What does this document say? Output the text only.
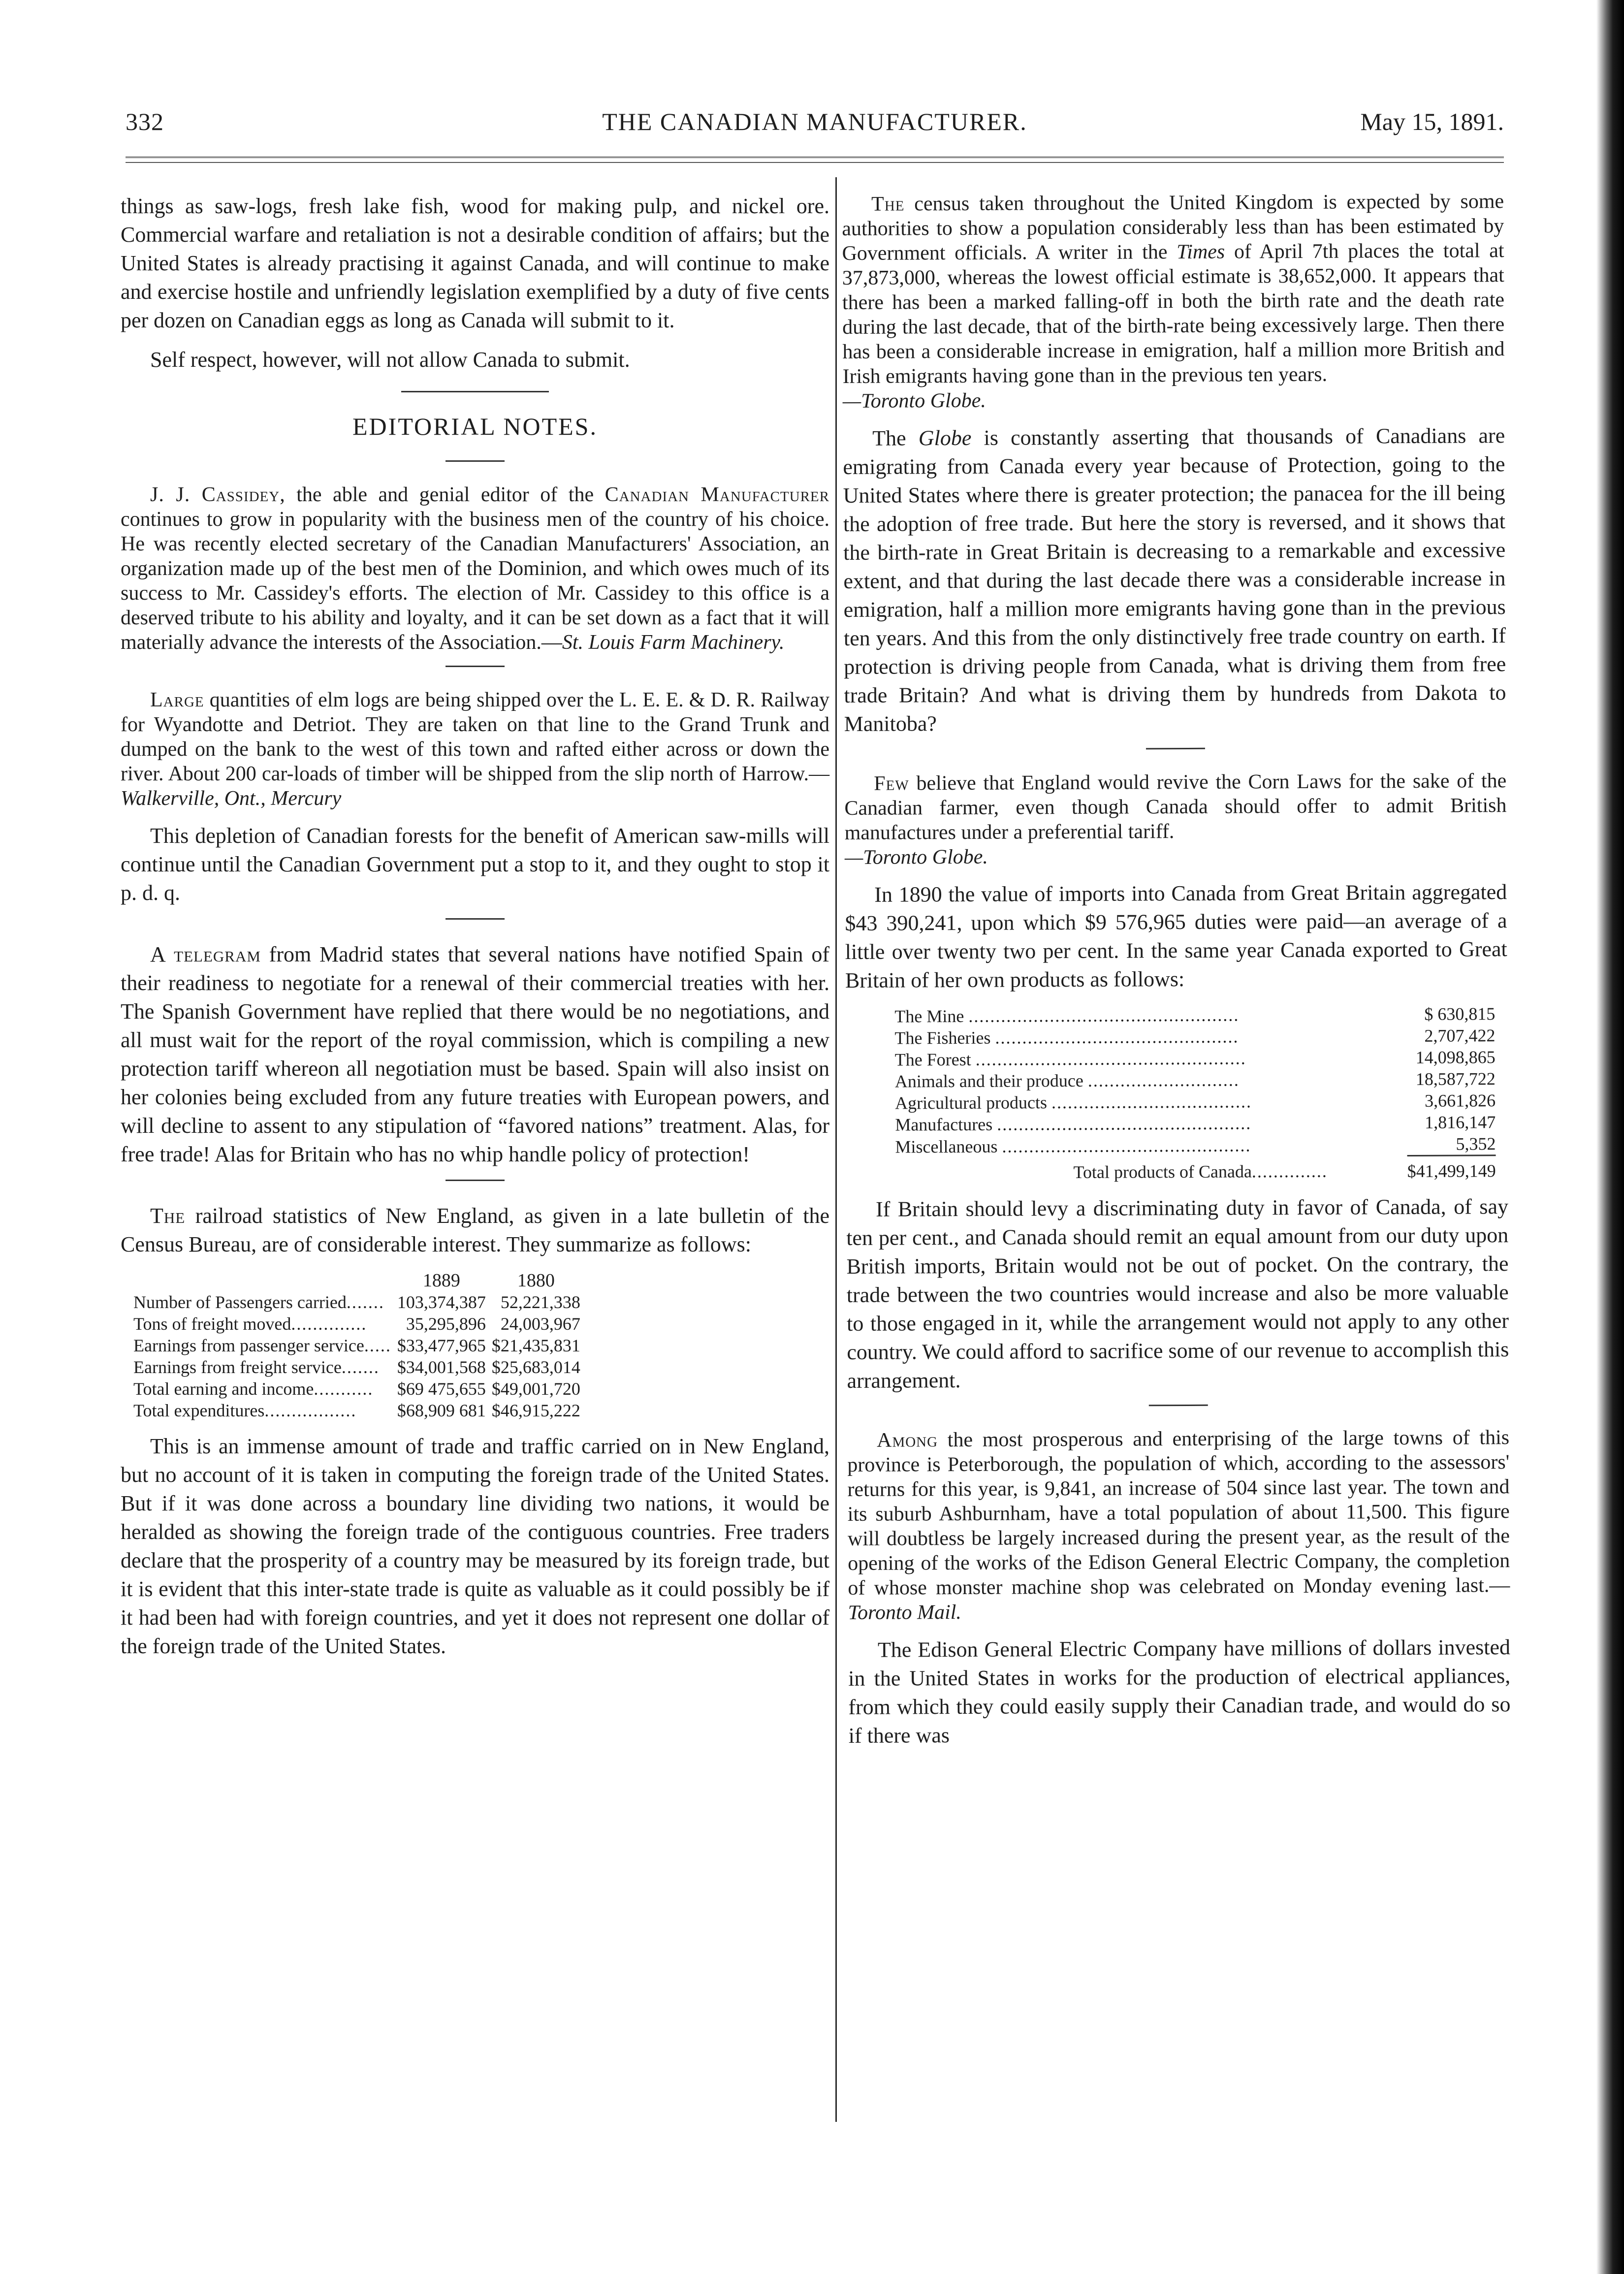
332	THE CANADIAN MANUFACTURER.	May 15, 1891.

things as saw-logs, fresh lake fish, wood for making pulp, and nickel ore. Commercial warfare and retaliation is not a desirable condition of affairs; but the United States is already practising it against Canada, and will continue to make and exercise hostile and unfriendly legislation exemplified by a duty of five cents per dozen on Canadian eggs as long as Canada will submit to it.

Self respect, however, will not allow Canada to submit.

EDITORIAL NOTES.

J. J. Cassidey, the able and genial editor of the Canadian Manufacturer continues to grow in popularity with the business men of the country of his choice. He was recently elected secretary of the Canadian Manufacturers' Association, an organization made up of the best men of the Dominion, and which owes much of its success to Mr. Cassidey's efforts. The election of Mr. Cassidey to this office is a deserved tribute to his ability and loyalty, and it can be set down as a fact that it will materially advance the interests of the Association.—St. Louis Farm Machinery.

Large quantities of elm logs are being shipped over the L. E. E. & D. R. Railway for Wyandotte and Detriot. They are taken on that line to the Grand Trunk and dumped on the bank to the west of this town and rafted either across or down the river. About 200 car-loads of timber will be shipped from the slip north of Harrow.—Walkerville, Ont., Mercury

This depletion of Canadian forests for the benefit of American saw-mills will continue until the Canadian Government put a stop to it, and they ought to stop it p. d. q.

A telegram from Madrid states that several nations have notified Spain of their readiness to negotiate for a renewal of their commercial treaties with her. The Spanish Government have replied that there would be no negotiations, and all must wait for the report of the royal commission, which is compiling a new protection tariff whereon all negotiation must be based. Spain will also insist on her colonies being excluded from any future treaties with European powers, and will decline to assent to any stipulation of “favored nations” treatment. Alas, for free trade! Alas for Britain who has no whip handle policy of protection!

The railroad statistics of New England, as given in a late bulletin of the Census Bureau, are of considerable interest. They summarize as follows:

	1889	1880
Number of Passengers carried.......	103,374,387	52,221,338
Tons of freight moved..............	35,295,896	24,003,967
Earnings from passenger service.....	$33,477,965	$21,435,831
Earnings from freight service.......	$34,001,568	$25,683,014
Total earning and income...........	$69 475,655	$49,001,720
Total expenditures.................	$68,909 681	$46,915,222

This is an immense amount of trade and traffic carried on in New England, but no account of it is taken in computing the foreign trade of the United States. But if it was done across a boundary line dividing two nations, it would be heralded as showing the foreign trade of the contiguous countries. Free traders declare that the prosperity of a country may be measured by its foreign trade, but it is evident that this inter-state trade is quite as valuable as it could possibly be if it had been had with foreign countries, and yet it does not represent one dollar of the foreign trade of the United States.

The census taken throughout the United Kingdom is expected by some authorities to show a population considerably less than has been estimated by Government officials. A writer in the Times of April 7th places the total at 37,873,000, whereas the lowest official estimate is 38,652,000. It appears that there has been a marked falling-off in both the birth rate and the death rate during the last decade, that of the birth-rate being excessively large. Then there has been a considerable increase in emigration, half a million more British and Irish emigrants having gone than in the previous ten years.
—Toronto Globe.

The Globe is constantly asserting that thousands of Canadians are emigrating from Canada every year because of Protection, going to the United States where there is greater protection; the panacea for the ill being the adoption of free trade. But here the story is reversed, and it shows that the birth-rate in Great Britain is decreasing to a remarkable and excessive extent, and that during the last decade there was a considerable increase in emigration, half a million more emigrants having gone than in the previous ten years. And this from the only distinctively free trade country on earth. If protection is driving people from Canada, what is driving them from free trade Britain? And what is driving them by hundreds from Dakota to Manitoba?

Few believe that England would revive the Corn Laws for the sake of the Canadian farmer, even though Canada should offer to admit British manufactures under a preferential tariff.
—Toronto Globe.

In 1890 the value of imports into Canada from Great Britain aggregated $43 390,241, upon which $9 576,965 duties were paid—an average of a little over twenty two per cent. In the same year Canada exported to Great Britain of her own products as follows:

The Mine ..................................................	$ 630,815
The Fisheries .............................................	2,707,422
The Forest ..................................................	14,098,865
Animals and their produce ............................	18,587,722
Agricultural products .....................................	3,661,826
Manufactures ...............................................	1,816,147
Miscellaneous ..............................................	5,352
Total products of Canada..............	$41,499,149

If Britain should levy a discriminating duty in favor of Canada, of say ten per cent., and Canada should remit an equal amount from our duty upon British imports, Britain would not be out of pocket. On the contrary, the trade between the two countries would increase and also be more valuable to those engaged in it, while the arrangement would not apply to any other country. We could afford to sacrifice some of our revenue to accomplish this arrangement.

Among the most prosperous and enterprising of the large towns of this province is Peterborough, the population of which, according to the assessors' returns for this year, is 9,841, an increase of 504 since last year. The town and its suburb Ashburnham, have a total population of about 11,500. This figure will doubtless be largely increased during the present year, as the result of the opening of the works of the Edison General Electric Company, the completion of whose monster machine shop was celebrated on Monday evening last.—Toronto Mail.

The Edison General Electric Company have millions of dollars invested in the United States in works for the production of electrical appliances, from which they could easily supply their Canadian trade, and would do so if there was
